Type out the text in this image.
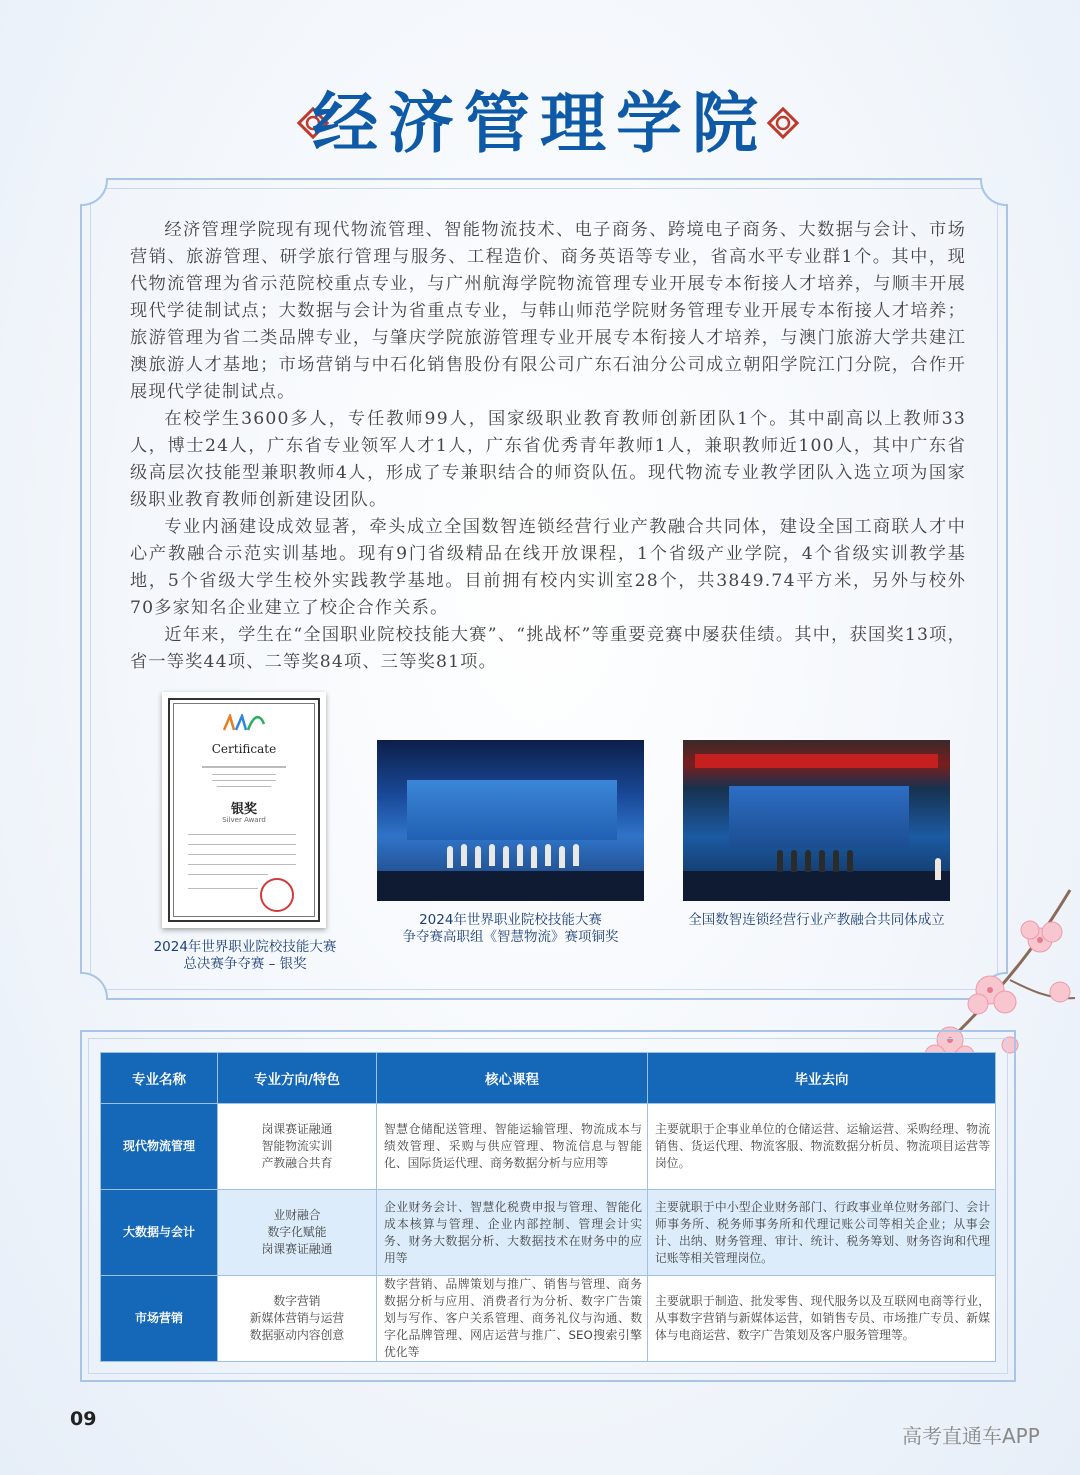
经济管理学院

经济管理学院现有现代物流管理、智能物流技术、电子商务、跨境电子商务、大数据与会计、市场营销、旅游管理、研学旅行管理与服务、工程造价、商务英语等专业，省高水平专业群1个。其中，现代物流管理为省示范院校重点专业，与广州航海学院物流管理专业开展专本衔接人才培养，与顺丰开展现代学徒制试点；大数据与会计为省重点专业，与韩山师范学院财务管理专业开展专本衔接人才培养；旅游管理为省二类品牌专业，与肇庆学院旅游管理专业开展专本衔接人才培养，与澳门旅游大学共建江澳旅游人才基地；市场营销与中石化销售股份有限公司广东石油分公司成立朝阳学院江门分院，合作开展现代学徒制试点。

在校学生3600多人，专任教师99人，国家级职业教育教师创新团队1个。其中副高以上教师33人，博士24人，广东省专业领军人才1人，广东省优秀青年教师1人，兼职教师近100人，其中广东省级高层次技能型兼职教师4人，形成了专兼职结合的师资队伍。现代物流专业教学团队入选立项为国家级职业教育教师创新建设团队。

专业内涵建设成效显著，牵头成立全国数智连锁经营行业产教融合共同体，建设全国工商联人才中心产教融合示范实训基地。现有9门省级精品在线开放课程，1个省级产业学院，4个省级实训教学基地，5个省级大学生校外实践教学基地。目前拥有校内实训室28个，共3849.74平方米，另外与校外70多家知名企业建立了校企合作关系。

近年来，学生在“全国职业院校技能大赛”、“挑战杯”等重要竞赛中屡获佳绩。其中，获国奖13项，省一等奖44项、二等奖84项、三等奖81项。

Certificate
银奖
Silver Award
2024年世界职业院校技能大赛
总决赛争夺赛 – 银奖
2024年世界职业院校技能大赛
争夺赛高职组《智慧物流》赛项铜奖
全国数智连锁经营行业产教融合共同体成立
专业名称	专业方向/特色	核心课程	毕业去向
现代物流管理	岗课赛证融通
智能物流实训
产教融合共育	智慧仓储配送管理、智能运输管理、物流成本与绩效管理、采购与供应管理、物流信息与智能化、国际货运代理、商务数据分析与应用等	主要就职于企事业单位的仓储运营、运输运营、采购经理、物流销售、货运代理、物流客服、物流数据分析员、物流项目运营等岗位。
大数据与会计	业财融合
数字化赋能
岗课赛证融通	企业财务会计、智慧化税费申报与管理、智能化成本核算与管理、企业内部控制、管理会计实务、财务大数据分析、大数据技术在财务中的应用等	主要就职于中小型企业财务部门、行政事业单位财务部门、会计师事务所、税务师事务所和代理记账公司等相关企业；从事会计、出纳、财务管理、审计、统计、税务筹划、财务咨询和代理记账等相关管理岗位。
市场营销	数字营销
新媒体营销与运营
数据驱动内容创意	数字营销、品牌策划与推广、销售与管理、商务数据分析与应用、消费者行为分析、数字广告策划与写作、客户关系管理、商务礼仪与沟通、数字化品牌管理、网店运营与推广、SEO搜索引擎优化等	主要就职于制造、批发零售、现代服务以及互联网电商等行业，从事数字营销与新媒体运营，如销售专员、市场推广专员、新媒体与电商运营、数字广告策划及客户服务管理等。
09
高考直通车APP
